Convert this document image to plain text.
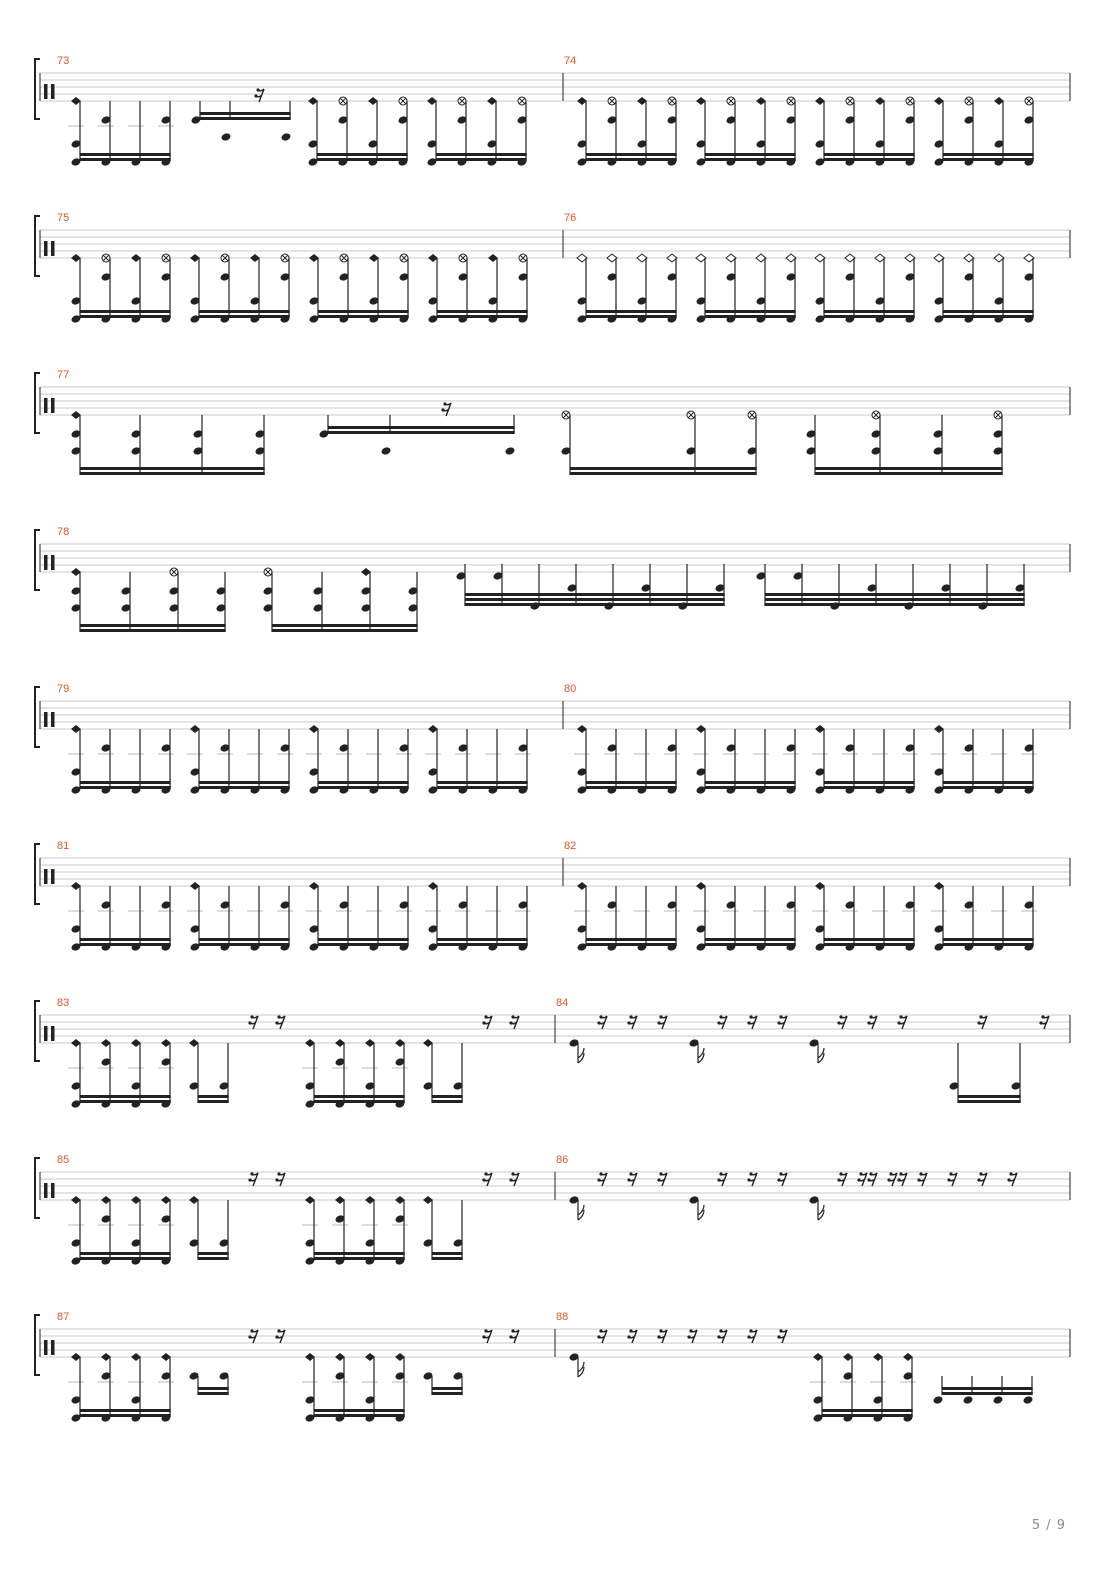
73	74
75	76
77
78
79	80
81	82
83	84
85	86
87	88
5 / 9
